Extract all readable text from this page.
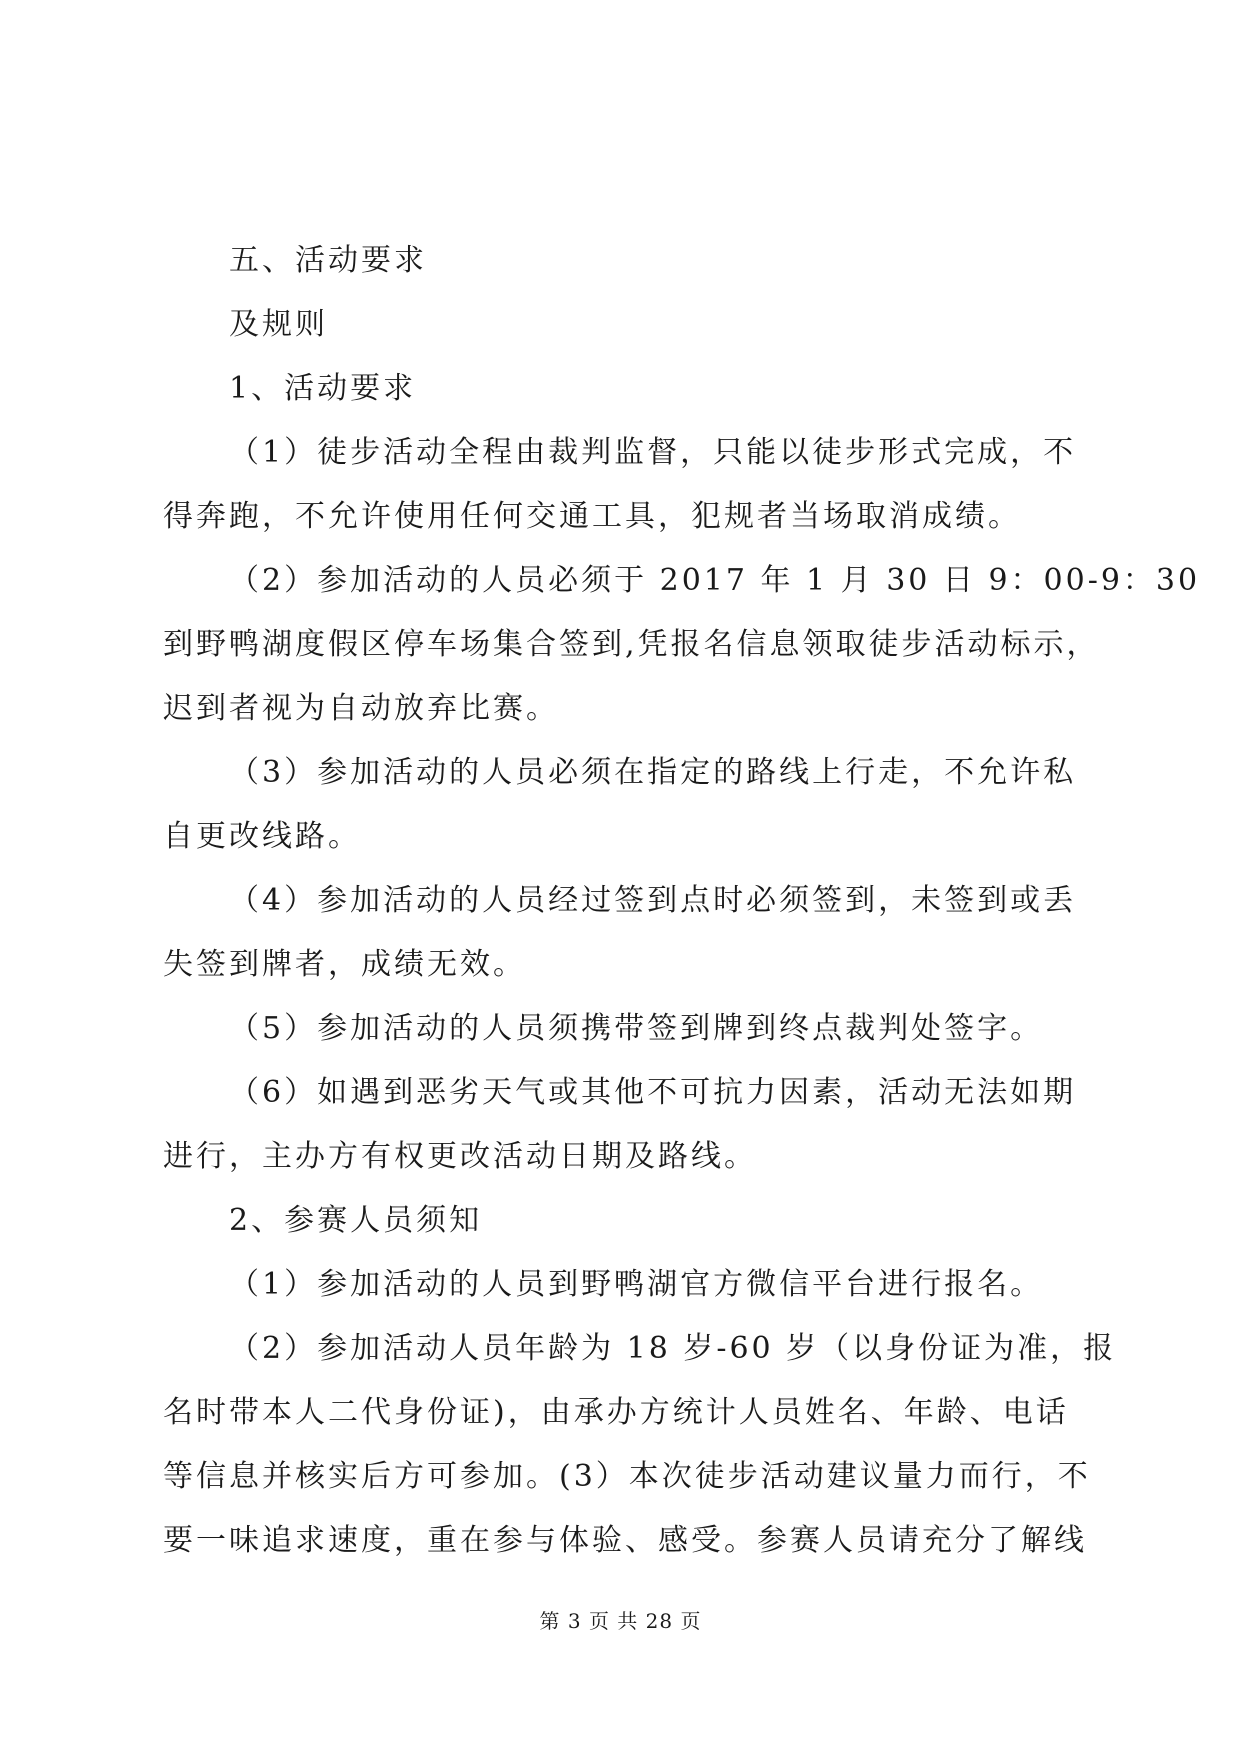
五、活动要求
及规则
1、活动要求
（1）徒步活动全程由裁判监督，只能以徒步形式完成，不
得奔跑，不允许使用任何交通工具，犯规者当场取消成绩。
（2）参加活动的人员必须于 2017 年 1 月 30 日 9：00-9：30
到野鸭湖度假区停车场集合签到,凭报名信息领取徒步活动标示，
迟到者视为自动放弃比赛。
（3）参加活动的人员必须在指定的路线上行走，不允许私
自更改线路。
（4）参加活动的人员经过签到点时必须签到，未签到或丢
失签到牌者，成绩无效。
（5）参加活动的人员须携带签到牌到终点裁判处签字。
（6）如遇到恶劣天气或其他不可抗力因素，活动无法如期
进行，主办方有权更改活动日期及路线。
2、参赛人员须知
（1）参加活动的人员到野鸭湖官方微信平台进行报名。
（2）参加活动人员年龄为 18 岁-60 岁（以身份证为准，报
名时带本人二代身份证)，由承办方统计人员姓名、年龄、电话
等信息并核实后方可参加。(3）本次徒步活动建议量力而行，不
要一味追求速度，重在参与体验、感受。参赛人员请充分了解线
第 3 页 共 28 页
